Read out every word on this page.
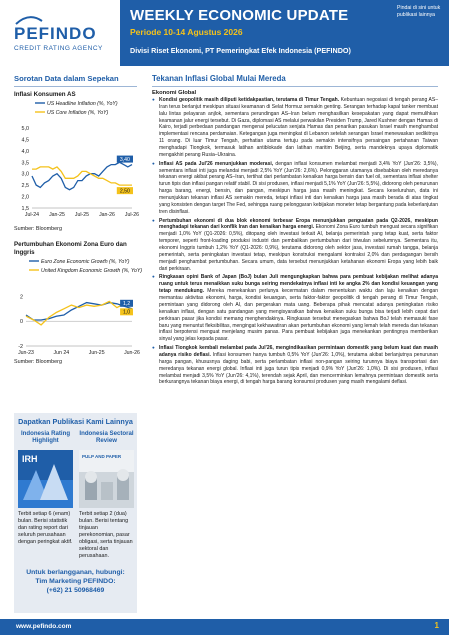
PEFINDO
CREDIT RATING AGENCY
WEEKLY ECONOMIC UPDATE
Periode 10-14 Agustus 2026
Divisi Riset Ekonomi, PT Pemeringkat Efek Indonesia (PEFINDO)
Pindai di sini untuk publikasi lainnya
Sorotan Data dalam Sepekan
Inflasi Konsumen AS
US Headline Inflation (%, YoY)
US Core Inflation (%, YoY)
5,0
4,5
4,0
3,5
3,0
2,5
2,0
1,5
Jul-24 Jan-25 Jul-25 Jan-26 Jul-26
3,40
2,50
Sumber: Bloomberg
Pertumbuhan Ekonomi Zona Euro dan Inggris
Euro Zone Economic Growth (%, YoY)
United Kingdom Economic Growth (%, YoY)
2
0
-2
Jun-23	Jun 24	Jun-25	Jun-26
1,2
1,0
Sumber: Bloomberg
Dapatkan Publikasi Kami Lainnya
Indonesia Rating Highlight
IRH
Terbit setiap 6 (enam) bulan. Berisi statistik dan rating report dari seluruh perusahaan dengan peringkat aktif.
Indonesia Sectoral Review
PULP AND PAPER
Terbit setiap 2 (dua) bulan. Berisi tentang tinjauan perekonomian, pasar obligasi, serta tinjauan sektoral dan perusahaan.
Untuk berlangganan, hubungi:
Tim Marketing PEFINDO:
(+62) 21 50968469
Tekanan Inflasi Global Mulai Mereda
Ekonomi Global
● Kondisi geopolitik masih diliputi ketidakpastian, terutama di Timur Tengah. Kebuntuan negosiasi di tengah perang AS–Iran terus berlanjut meskipun situasi keamanan di Selat Hormuz semakin genting. Serangan terhadap kapal tanker membuat lalu lintas pelayaran anjlok, sementara perundingan AS–Iran belum menghasilkan kesepakatan yang dapat memulihkan keamanan jalur energi tersebut. Di Gaza, diplomasi AS melalui perwakilan Presiden Trump, Jared Kushner dengan Hamas di Kairo, terjadi perbedaan pandangan mengenai pelucutan senjata Hamas dan penarikan pasukan Israel masih menghambat implementasi rencana perdamaian. Ketegangan juga meningkat di Lebanon setelah serangan Israel menewaskan sedikitnya 11 orang. Di luar Timur Tengah, perhatian utama tertuju pada semakin intensifnya persaingan pertahanan Taiwan menghadapi Tiongkok, termasuk latihan antiblokade dan latihan maritim Beijing, serta mandeknya upaya diplomatik mengakhiri perang Rusia–Ukraina.
● Inflasi AS pada Jul'26 menunjukkan moderasi, dengan inflasi konsumen melambat menjadi 3,4% YoY (Jun'26: 3,5%), sementara inflasi inti juga melandai menjadi 2,5% YoY (Jun'26: 2,6%). Pelonggaran utamanya disebabkan oleh meredanya tekanan energi akibat perang AS–Iran, tertihat dari perlambatan kenaikan harga bensin dan fuel oil, sementara inflasi shelter turun tipis dan inflasi pangan relatif stabil. Di sisi produsen, inflasi menjadi 5,1% YoY (Jun'26: 5,5%), didorong oleh penurunan harga barang, energi, bensin, dan pangan, meskipun harga jasa masih meningkat. Secara keseluruhan, data ini menunjukkan tekanan inflasi AS semakin mereda, tetapi inflasi inti dan kenaikan harga jasa masih berada di atas tingkat yang konsisten dengan target The Fed, sehingga ruang pelonggaran kebijakan moneter tetap bergantung pada keberlanjutan tren disinflasi.
● Pertumbuhan ekonomi di dua blok ekonomi terbesar Eropa menunjukkan penguatan pada Q2-2026, meskipun menghadapi tekanan dari konflik Iran dan kenaikan harga energi. Ekonomi Zona Euro tumbuh menguat secara signifikan menjadi 1,0% YoY (Q1-2026: 0,5%), ditopang oleh investasi terkait AI, belanja pemerintah yang tetap kuat, serta faktor temporer, seperti front-loading produksi industri dan pembalikan pertumbuhan dari triwulan sebelumnya. Sementara itu, ekonomi Inggris tumbuh 1,2% YoY (Q1-2026: 0,9%), terutama didorong oleh sektor jasa, investasi rumah tangga, belanja pemerintah, serta peningkatan investasi tetap, meskipun konstruksi mengalami kontraksi 2,0% dan perdagangan bersih menjadi penghambat pertumbuhan. Secara umum, data tersebut menunjukkan ketahanan ekonomi Eropa yang lebih baik dari perkiraan.
● Ringkasan opini Bank of Japan (BoJ) bulan Juli mengungkapkan bahwa para pembuat kebijakan melihat adanya ruang untuk terus menaikkan suku bunga seiring mendekatnya inflasi inti ke angka 2% dan kondisi keuangan yang tetap mendukung. Mereka menekankan perlunya kecermatan dalam menentukan waktu dan laju kenaikan dengan memantau aktivitas ekonomi, harga, kondisi keuangan, serta faktor-faktor geopolitik di tengah perang di Timur Tengah, permintaan yang didorong oleh AI, dan pergerakan mata uang. Beberapa pihak mencatat adanya peningkatan risiko kenaikan inflasi, dengan satu pandangan yang mengisyaratkan bahwa kenaikan suku bunga bisa terjadi lebih cepat dari perkiraan pasar jika kondisi memang menghendakinya. Ringkasan tersebut menegaskan bahwa BoJ telah memasuki fase baru yang menuntut fleksibilitas, mengingat kekhawatiran akan pertumbuhan ekonomi yang lemah telah mereda dan tekanan inflasi berpotensi menguat menjelang musim panas. Para pembuat kebijakan juga menekankan pentingnya memberikan sinyal yang jelas kepada pasar.
● Inflasi Tiongkok kembali melambat pada Jul'26, mengindikasikan permintaan domestik yang belum kuat dan masih adanya risiko deflasi. Inflasi konsumen hanya tumbuh 0,5% YoY (Jun'26: 1,0%), terutama akibat berlanjutnya penurunan harga pangan, khususnya daging babi, serta perlambatan inflasi non-pangan seiring turunnya biaya transportasi dan meredanya tekanan energi global. Inflasi inti juga turun tipis menjadi 0,9% YoY (Jun'26: 1,0%). Di sisi produsen, inflasi melambat menjadi 3,5% YoY (Jun'26: 4,1%), terendah sejak April, dan mencerminkan lemahnya permintaan domestik serta berkurangnya tekanan biaya energi, di tengah harga barang konsumsi produsen yang masih mengalami deflasi.
www.pefindo.com	1
